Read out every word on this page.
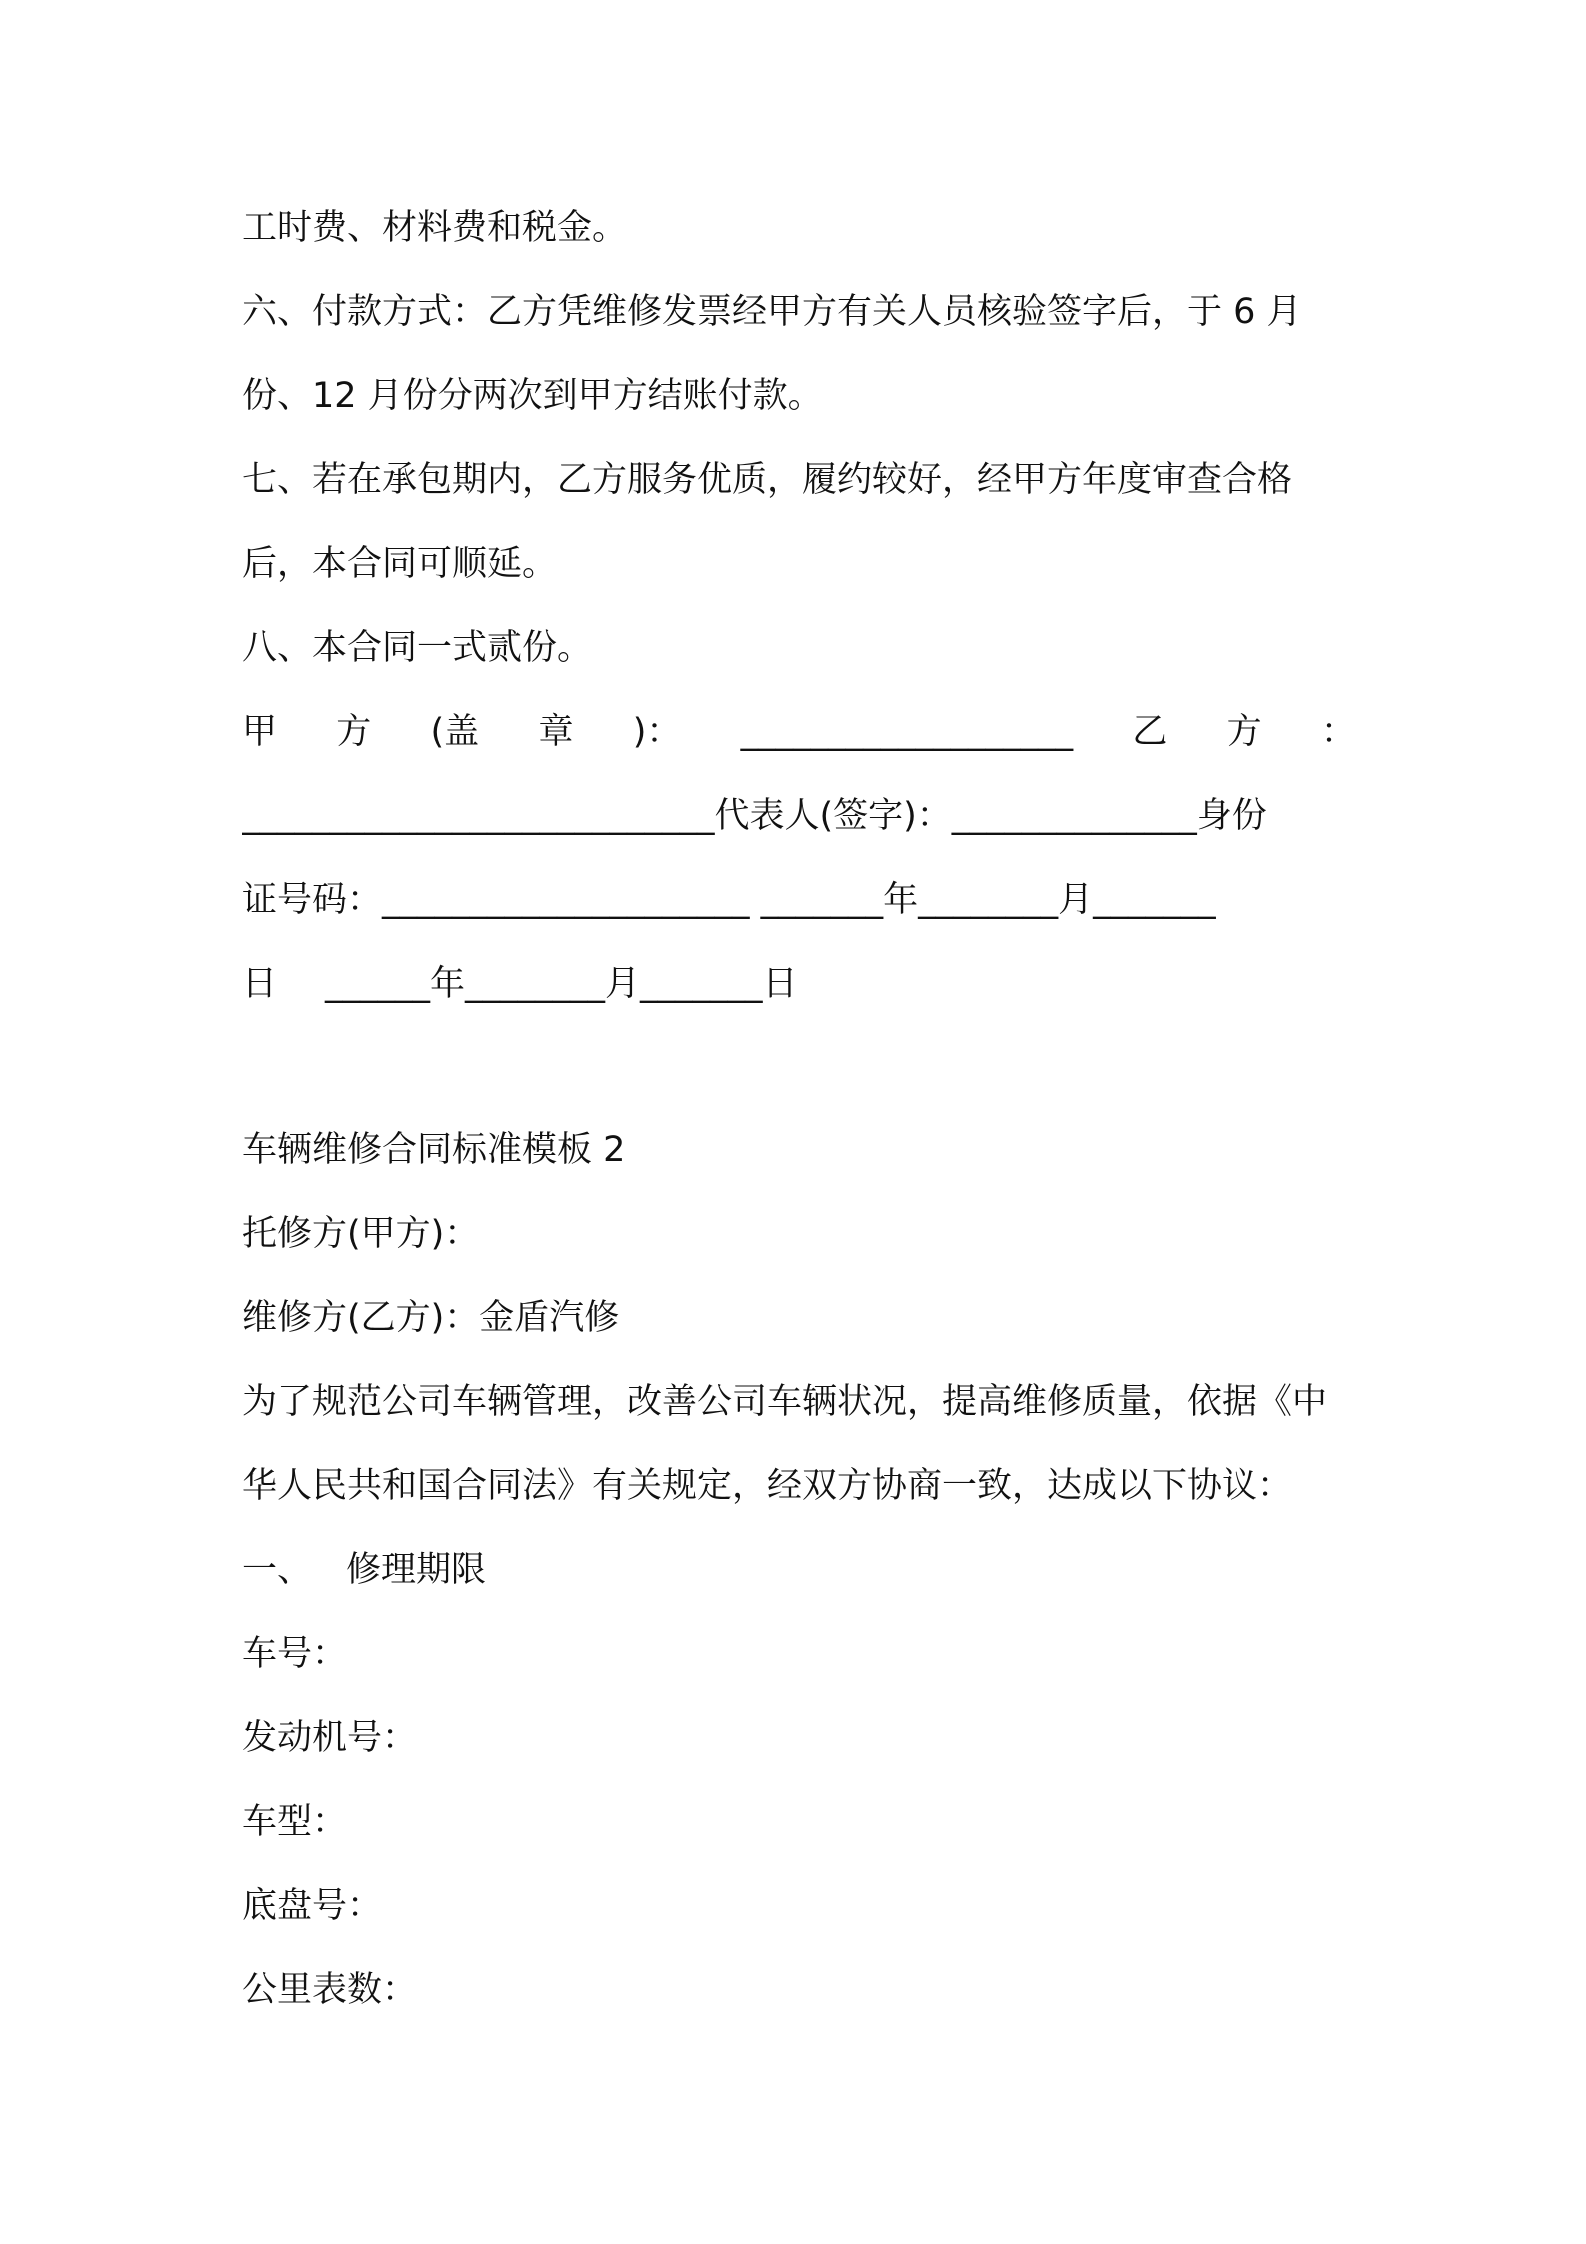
工时费、材料费和税金。
六、付款方式：乙方凭维修发票经甲方有关人员核验签字后，于 6 月
份、12 月份分两次到甲方结账付款。
七、若在承包期内，乙方服务优质，履约较好，经甲方年度审查合格
后，本合同可顺延。
八、本合同一式贰份。
甲 方 (盖 章 )： ___________________ 乙 方 ：
___________________________代表人(签字)：______________身份
证号码：_____________________ _______年________月_______
日 ______年________月_______日
车辆维修合同标准模板 2
托修方(甲方)：
维修方(乙方)：金盾汽修
为了规范公司车辆管理，改善公司车辆状况，提高维修质量，依据《中
华人民共和国合同法》有关规定，经双方协商一致，达成以下协议：
一、 修理期限
车号：
发动机号：
车型：
底盘号：
公里表数：
